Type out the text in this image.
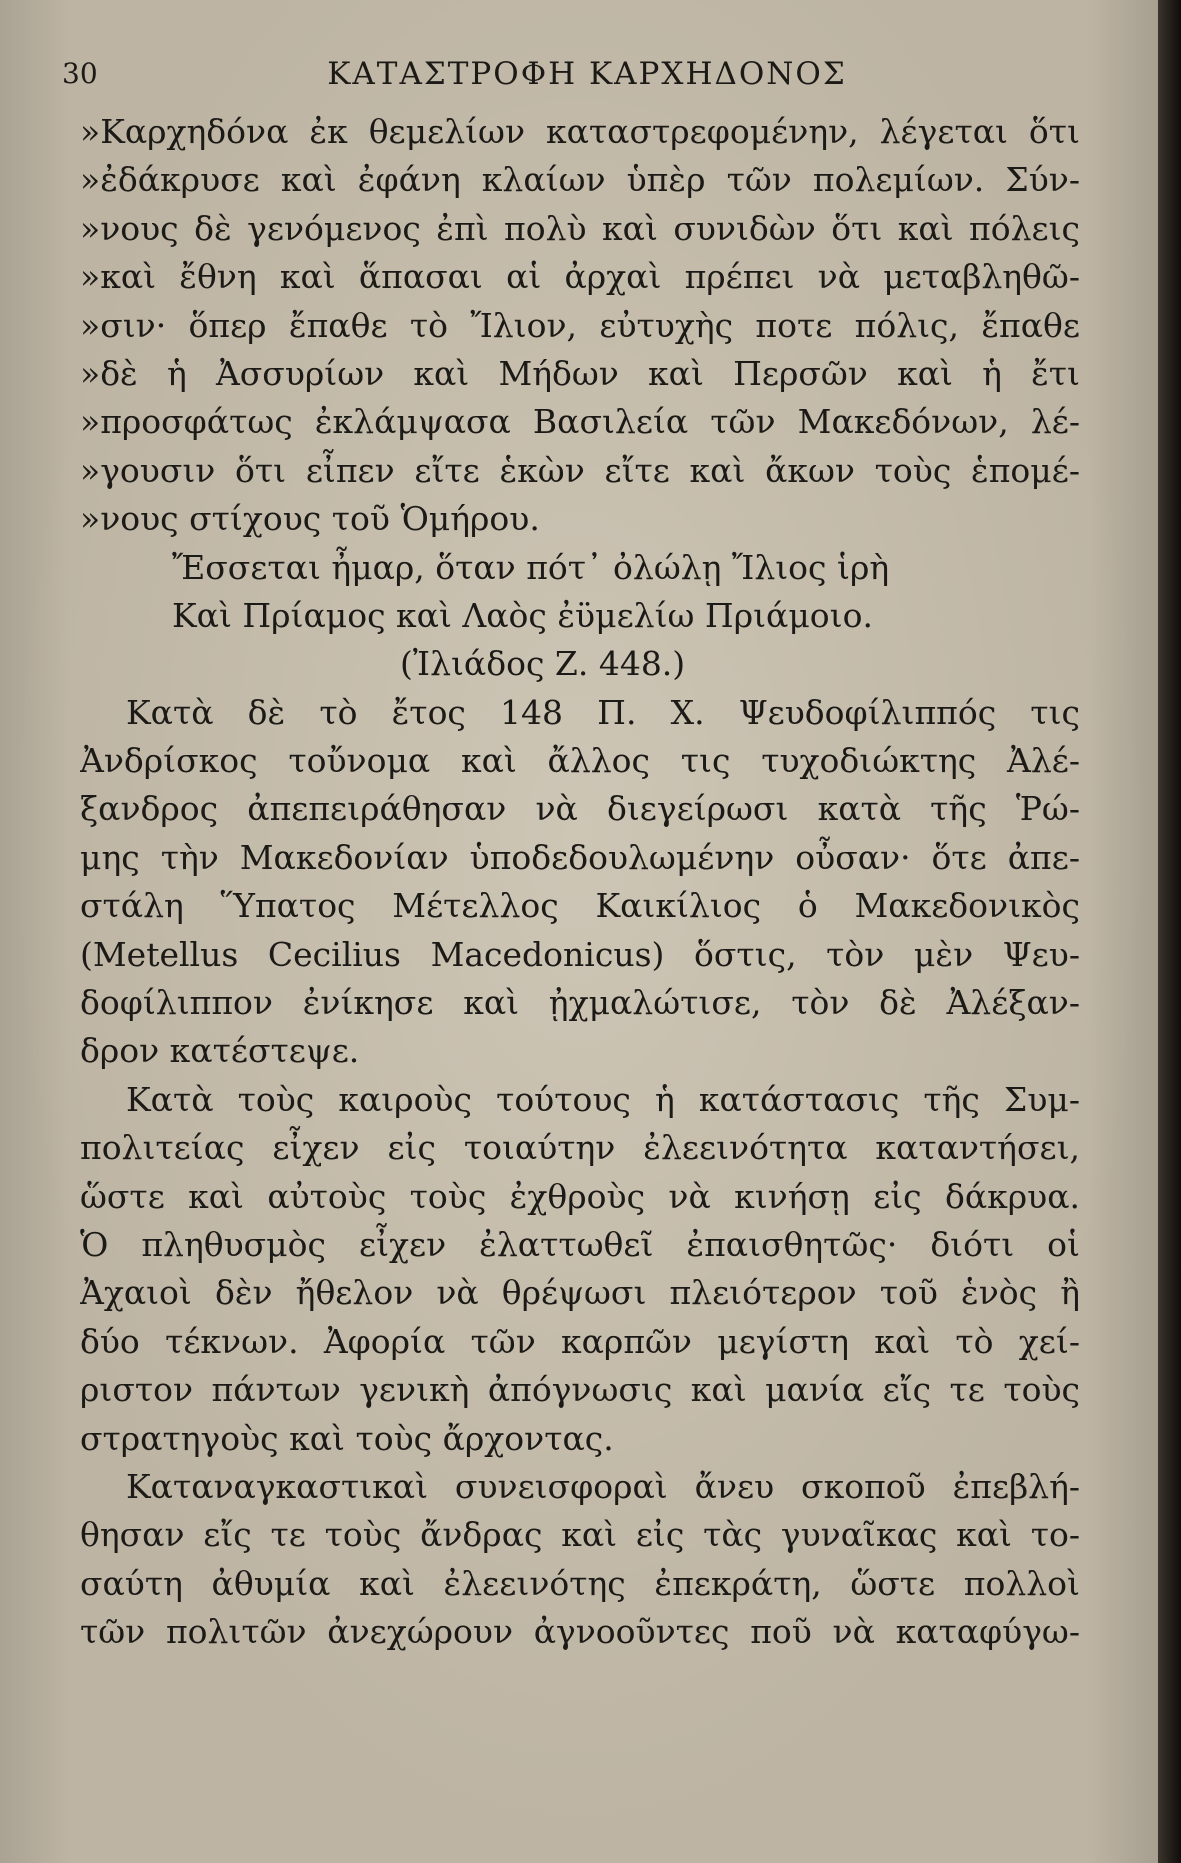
30	ΚΑΤΑΣΤΡΟΦΗ ΚΑΡΧΗΔΟΝΟΣ
»Καρχηδόνα ἐκ θεμελίων καταστρεφομένην, λέγεται ὅτι
»ἐδάκρυσε καὶ ἐφάνη κλαίων ὑπὲρ τῶν πολεμίων. Σύν-
»νους δὲ γενόμενος ἐπὶ πολὺ καὶ συνιδὼν ὅτι καὶ πόλεις
»καὶ ἔθνη καὶ ἅπασαι αἱ ἀρχαὶ πρέπει νὰ μεταβληθῶ-
»σιν· ὅπερ ἔπαθε τὸ Ἴλιον, εὐτυχὴς ποτε πόλις, ἔπαθε
»δὲ ἡ Ἀσσυρίων καὶ Μήδων καὶ Περσῶν καὶ ἡ ἔτι
»προσφάτως ἐκλάμψασα Βασιλεία τῶν Μακεδόνων, λέ-
»γουσιν ὅτι εἶπεν εἴτε ἑκὼν εἴτε καὶ ἄκων τοὺς ἑπομέ-
»νους στίχους τοῦ Ὁμήρου.
Ἔσσεται ἦμαρ, ὅταν πότ᾽ ὀλώλῃ Ἴλιος ἱρὴ
Καὶ Πρίαμος καὶ Λαὸς ἐϋμελίω Πριάμοιο.
(Ἰλιάδος Ζ. 448.)
Κατὰ δὲ τὸ ἔτος 148 Π. Χ. Ψευδοφίλιππός τις
Ἀνδρίσκος τοὔνομα καὶ ἄλλος τις τυχοδιώκτης Ἀλέ-
ξανδρος ἀπεπειράθησαν νὰ διεγείρωσι κατὰ τῆς Ῥώ-
μης τὴν Μακεδονίαν ὑποδεδουλωμένην οὖσαν· ὅτε ἀπε-
στάλη Ὕπατος Μέτελλος Καικίλιος ὁ Μακεδονικὸς
(Metellus Cecilius Macedonicus) ὅστις, τὸν μὲν Ψευ-
δοφίλιππον ἐνίκησε καὶ ᾐχμαλώτισε, τὸν δὲ Ἀλέξαν-
δρον κατέστεψε.
Κατὰ τοὺς καιροὺς τούτους ἡ κατάστασις τῆς Συμ-
πολιτείας εἶχεν εἰς τοιαύτην ἐλεεινότητα καταντήσει,
ὥστε καὶ αὐτοὺς τοὺς ἐχθροὺς νὰ κινήσῃ εἰς δάκρυα.
Ὁ πληθυσμὸς εἶχεν ἐλαττωθεῖ ἐπαισθητῶς· διότι οἱ
Ἀχαιοὶ δὲν ἤθελον νὰ θρέψωσι πλειότερον τοῦ ἑνὸς ἢ
δύο τέκνων. Ἀφορία τῶν καρπῶν μεγίστη καὶ τὸ χεί-
ριστον πάντων γενικὴ ἀπόγνωσις καὶ μανία εἴς τε τοὺς
στρατηγοὺς καὶ τοὺς ἄρχοντας.
Καταναγκαστικαὶ συνεισφοραὶ ἄνευ σκοποῦ ἐπεβλή-
θησαν εἴς τε τοὺς ἄνδρας καὶ εἰς τὰς γυναῖκας καὶ το-
σαύτη ἀθυμία καὶ ἐλεεινότης ἐπεκράτη, ὥστε πολλοὶ
τῶν πολιτῶν ἀνεχώρουν ἀγνοοῦντες ποῦ νὰ καταφύγω-
